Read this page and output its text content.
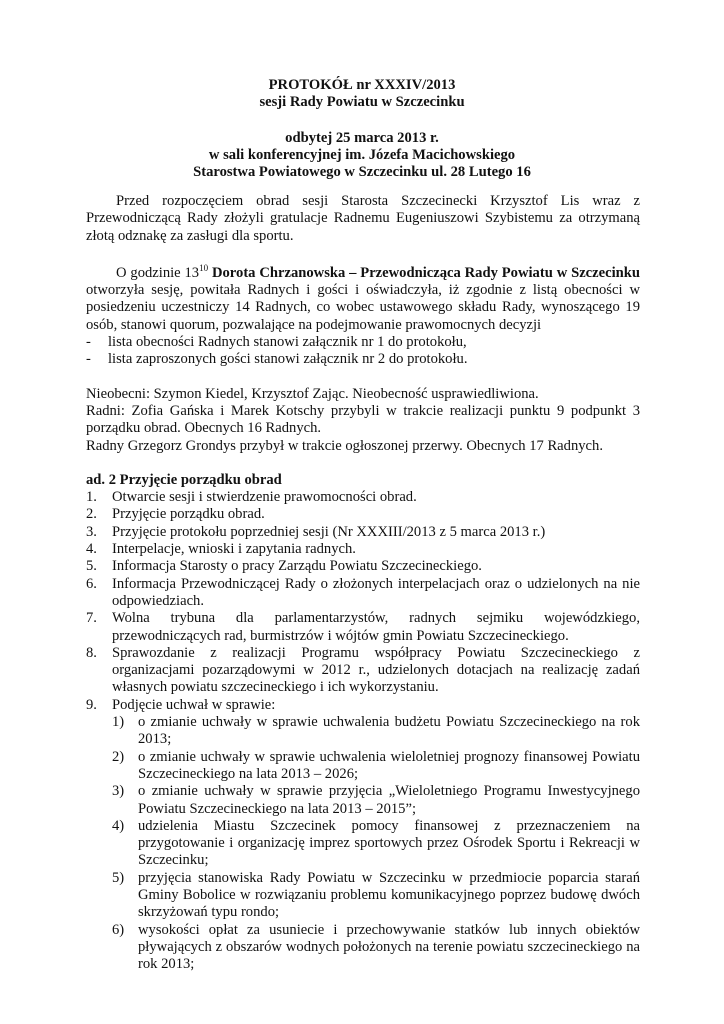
PROTOKÓŁ nr XXXIV/2013
sesji Rady Powiatu w Szczecinku
odbytej 25 marca 2013 r.
w sali konferencyjnej im. Józefa Macichowskiego
Starostwa Powiatowego w Szczecinku ul. 28 Lutego 16

Przed rozpoczęciem obrad sesji Starosta Szczecinecki Krzysztof Lis wraz z Przewodniczącą Rady złożyli gratulacje Radnemu Eugeniuszowi Szybistemu za otrzymaną złotą odznakę za zasługi dla sportu.

O godzinie $13^{10}$ Dorota Chrzanowska – Przewodnicząca Rady Powiatu w Szczecinku otworzyła sesję, powitała Radnych i gości i oświadczyła, iż zgodnie z listą obecności w posiedzeniu uczestniczy 14 Radnych, co wobec ustawowego składu Rady, wynoszącego 19 osób, stanowi quorum, pozwalające na podejmowanie prawomocnych decyzji

-	lista obecności Radnych stanowi załącznik nr 1 do protokołu,
-	lista zaproszonych gości stanowi załącznik nr 2 do protokołu.

Nieobecni: Szymon Kiedel, Krzysztof Zając. Nieobecność usprawiedliwiona.

Radni: Zofia Gańska i Marek Kotschy przybyli w trakcie realizacji punktu 9 podpunkt 3 porządku obrad. Obecnych 16 Radnych.

Radny Grzegorz Grondys przybył w trakcie ogłoszonej przerwy. Obecnych 17 Radnych.

ad. 2 Przyjęcie porządku obrad

1.	Otwarcie sesji i stwierdzenie prawomocności obrad.
2.	Przyjęcie porządku obrad.
3.	Przyjęcie protokołu poprzedniej sesji (Nr XXXIII/2013 z 5 marca 2013 r.)
4.	Interpelacje, wnioski i zapytania radnych.
5.	Informacja Starosty o pracy Zarządu Powiatu Szczecineckiego.
6.	Informacja Przewodniczącej Rady o złożonych interpelacjach oraz o udzielonych na nie odpowiedziach.
7.	Wolna trybuna dla parlamentarzystów, radnych sejmiku wojewódzkiego, przewodniczących rad, burmistrzów i wójtów gmin Powiatu Szczecineckiego.
8.	Sprawozdanie z realizacji Programu współpracy Powiatu Szczecineckiego z organizacjami pozarządowymi w 2012 r., udzielonych dotacjach na realizację zadań własnych powiatu szczecineckiego i ich wykorzystaniu.
9.	Podjęcie uchwał w sprawie:
1) o zmianie uchwały w sprawie uchwalenia budżetu Powiatu Szczecineckiego na rok 2013;
2) o zmianie uchwały w sprawie uchwalenia wieloletniej prognozy finansowej Powiatu Szczecineckiego na lata 2013 – 2026;
3) o zmianie uchwały w sprawie przyjęcia „Wieloletniego Programu Inwestycyjnego Powiatu Szczecineckiego na lata 2013 – 2015”;
4) udzielenia Miastu Szczecinek pomocy finansowej z przeznaczeniem na przygotowanie i organizację imprez sportowych przez Ośrodek Sportu i Rekreacji w Szczecinku;
5) przyjęcia stanowiska Rady Powiatu w Szczecinku w przedmiocie poparcia starań Gminy Bobolice w rozwiązaniu problemu komunikacyjnego poprzez budowę dwóch skrzyżowań typu rondo;
6) wysokości opłat za usuniecie i przechowywanie statków lub innych obiektów pływających z obszarów wodnych położonych na terenie powiatu szczecineckiego na rok 2013;
